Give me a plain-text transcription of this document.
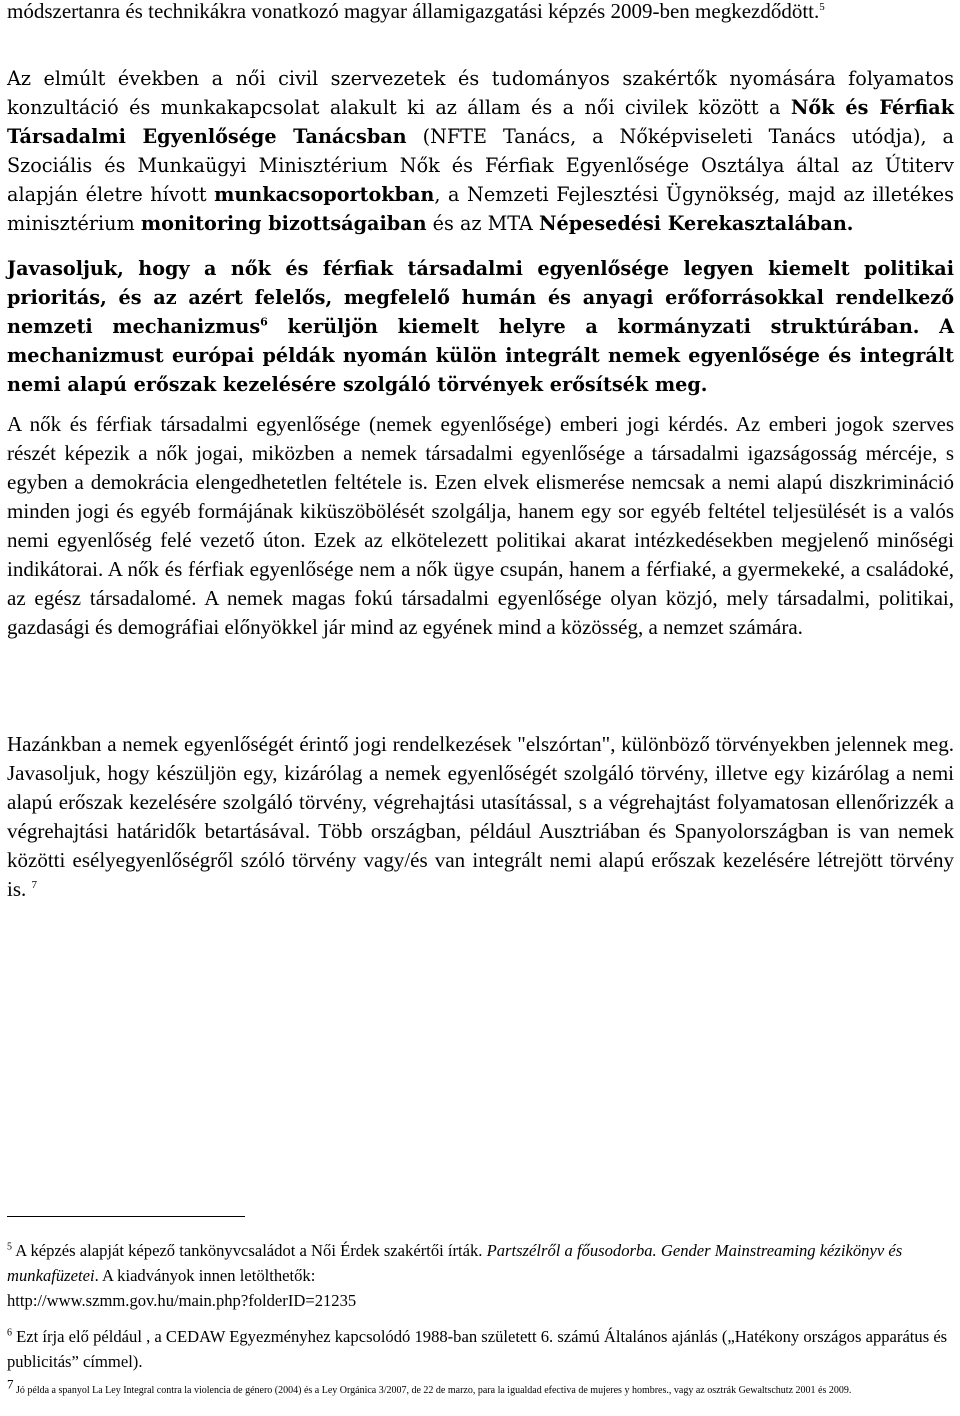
módszertanra és technikákra vonatkozó magyar államigazgatási képzés 2009-ben megkezdődött.$^5$

Az elmúlt években a női civil szervezetek és tudományos szakértők nyomására folyamatos konzultáció és munkakapcsolat alakult ki az állam és a női civilek között a Nők és Férfiak Társadalmi Egyenlősége Tanácsban (NFTE Tanács, a Nőképviseleti Tanács utódja), a Szociális és Munkaügyi Minisztérium Nők és Férfiak Egyenlősége Osztálya által az Útiterv alapján életre hívott munkacsoportokban, a Nemzeti Fejlesztési Ügynökség, majd az illetékes minisztérium monitoring bizottságaiban és az MTA Népesedési Kerekasztalában.

Javasoljuk, hogy a nők és férfiak társadalmi egyenlősége legyen kiemelt politikai prioritás, és az azért felelős, megfelelő humán és anyagi erőforrásokkal rendelkező nemzeti mechanizmus$^6$ kerüljön kiemelt helyre a kormányzati struktúrában. A mechanizmust európai példák nyomán külön integrált nemek egyenlősége és integrált nemi alapú erőszak kezelésére szolgáló törvények erősítsék meg.

A nők és férfiak társadalmi egyenlősége (nemek egyenlősége) emberi jogi kérdés. Az emberi jogok szerves részét képezik a nők jogai, miközben a nemek társadalmi egyenlősége a társadalmi igazságosság mércéje, s egyben a demokrácia elengedhetetlen feltétele is. Ezen elvek elismerése nemcsak a nemi alapú diszkrimináció minden jogi és egyéb formájának kiküszöbölését szolgálja, hanem egy sor egyéb feltétel teljesülését is a valós nemi egyenlőség felé vezető úton. Ezek az elkötelezett politikai akarat intézkedésekben megjelenő minőségi indikátorai. A nők és férfiak egyenlősége nem a nők ügye csupán, hanem a férfiaké, a gyermekeké, a családoké, az egész társadalomé. A nemek magas fokú társadalmi egyenlősége olyan közjó, mely társadalmi, politikai, gazdasági és demográfiai előnyökkel jár mind az egyének mind a közösség, a nemzet számára.

Hazánkban a nemek egyenlőségét érintő jogi rendelkezések "elszórtan", különböző törvényekben jelennek meg. Javasoljuk, hogy készüljön egy, kizárólag a nemek egyenlőségét szolgáló törvény, illetve egy kizárólag a nemi alapú erőszak kezelésére szolgáló törvény, végrehajtási utasítással, s a végrehajtást folyamatosan ellenőrizzék a végrehajtási határidők betartásával. Több országban, például Ausztriában és Spanyolországban is van nemek közötti esélyegyenlőségről szóló törvény vagy/és van integrált nemi alapú erőszak kezelésére létrejött törvény is. $^7$

$^5$ A képzés alapját képező tankönyvcsaládot a Női Érdek szakértői írták. Partszélről a főusodorba. Gender Mainstreaming kézikönyv és munkafüzetei. A kiadványok innen letölthetők:
http://www.szmm.gov.hu/main.php?folderID=21235

$^6$ Ezt írja elő például , a CEDAW Egyezményhez kapcsolódó 1988-ban született 6. számú Általános ajánlás („Hatékony országos apparátus és publicitás” címmel).

$^7$ Jó példa a spanyol La Ley Integral contra la violencia de género (2004) és a Ley Orgánica 3/2007, de 22 de marzo, para la igualdad efectiva de mujeres y hombres., vagy az osztrák Gewaltschutz 2001 és 2009.
